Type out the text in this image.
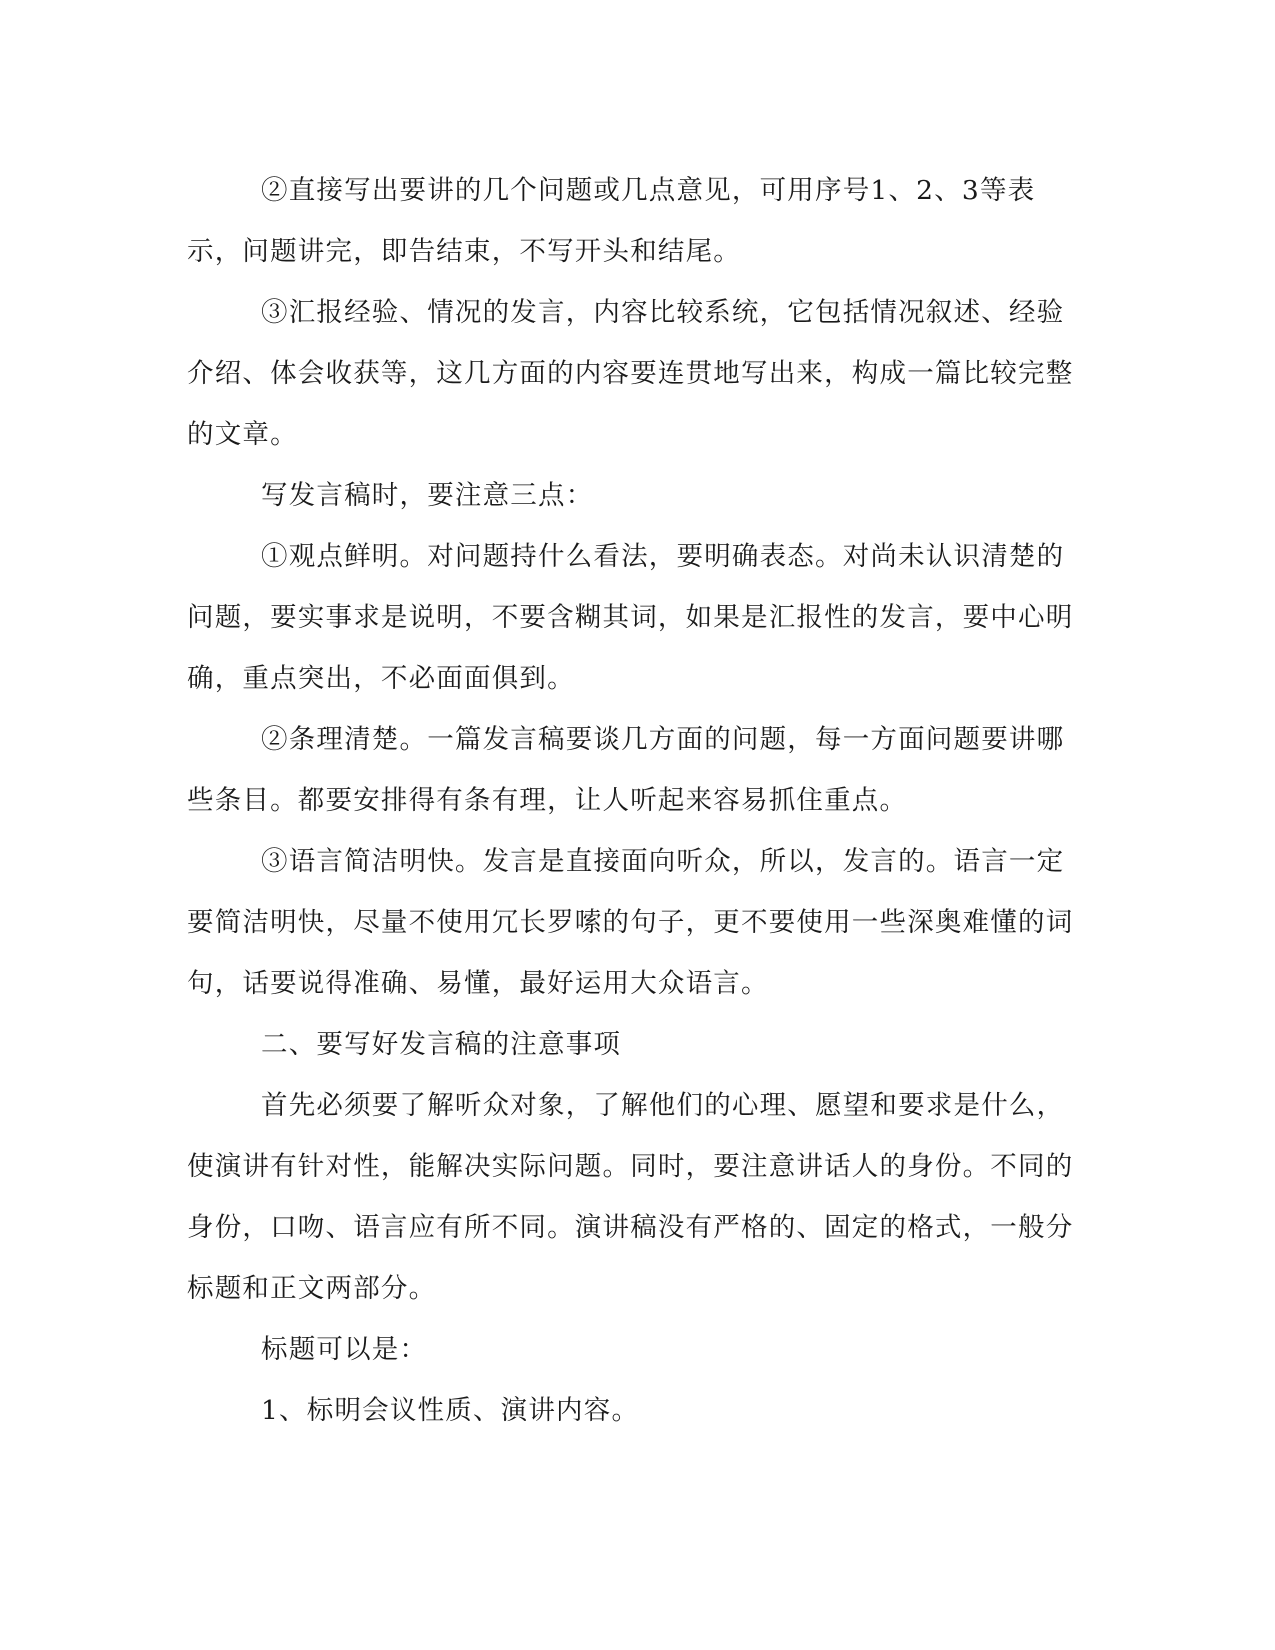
②直接写出要讲的几个问题或几点意见，可用序号1、2、3等表示，问题讲完，即告结束，不写开头和结尾。

③汇报经验、情况的发言，内容比较系统，它包括情况叙述、经验介绍、体会收获等，这几方面的内容要连贯地写出来，构成一篇比较完整的文章。

写发言稿时，要注意三点：

①观点鲜明。对问题持什么看法，要明确表态。对尚未认识清楚的问题，要实事求是说明，不要含糊其词，如果是汇报性的发言，要中心明确，重点突出，不必面面俱到。

②条理清楚。一篇发言稿要谈几方面的问题，每一方面问题要讲哪些条目。都要安排得有条有理，让人听起来容易抓住重点。

③语言简洁明快。发言是直接面向听众，所以，发言的。语言一定要简洁明快，尽量不使用冗长罗嗦的句子，更不要使用一些深奥难懂的词句，话要说得准确、易懂，最好运用大众语言。

二、要写好发言稿的注意事项

首先必须要了解听众对象，了解他们的心理、愿望和要求是什么，使演讲有针对性，能解决实际问题。同时，要注意讲话人的身份。不同的身份，口吻、语言应有所不同。演讲稿没有严格的、固定的格式，一般分标题和正文两部分。

标题可以是：

1、标明会议性质、演讲内容。
